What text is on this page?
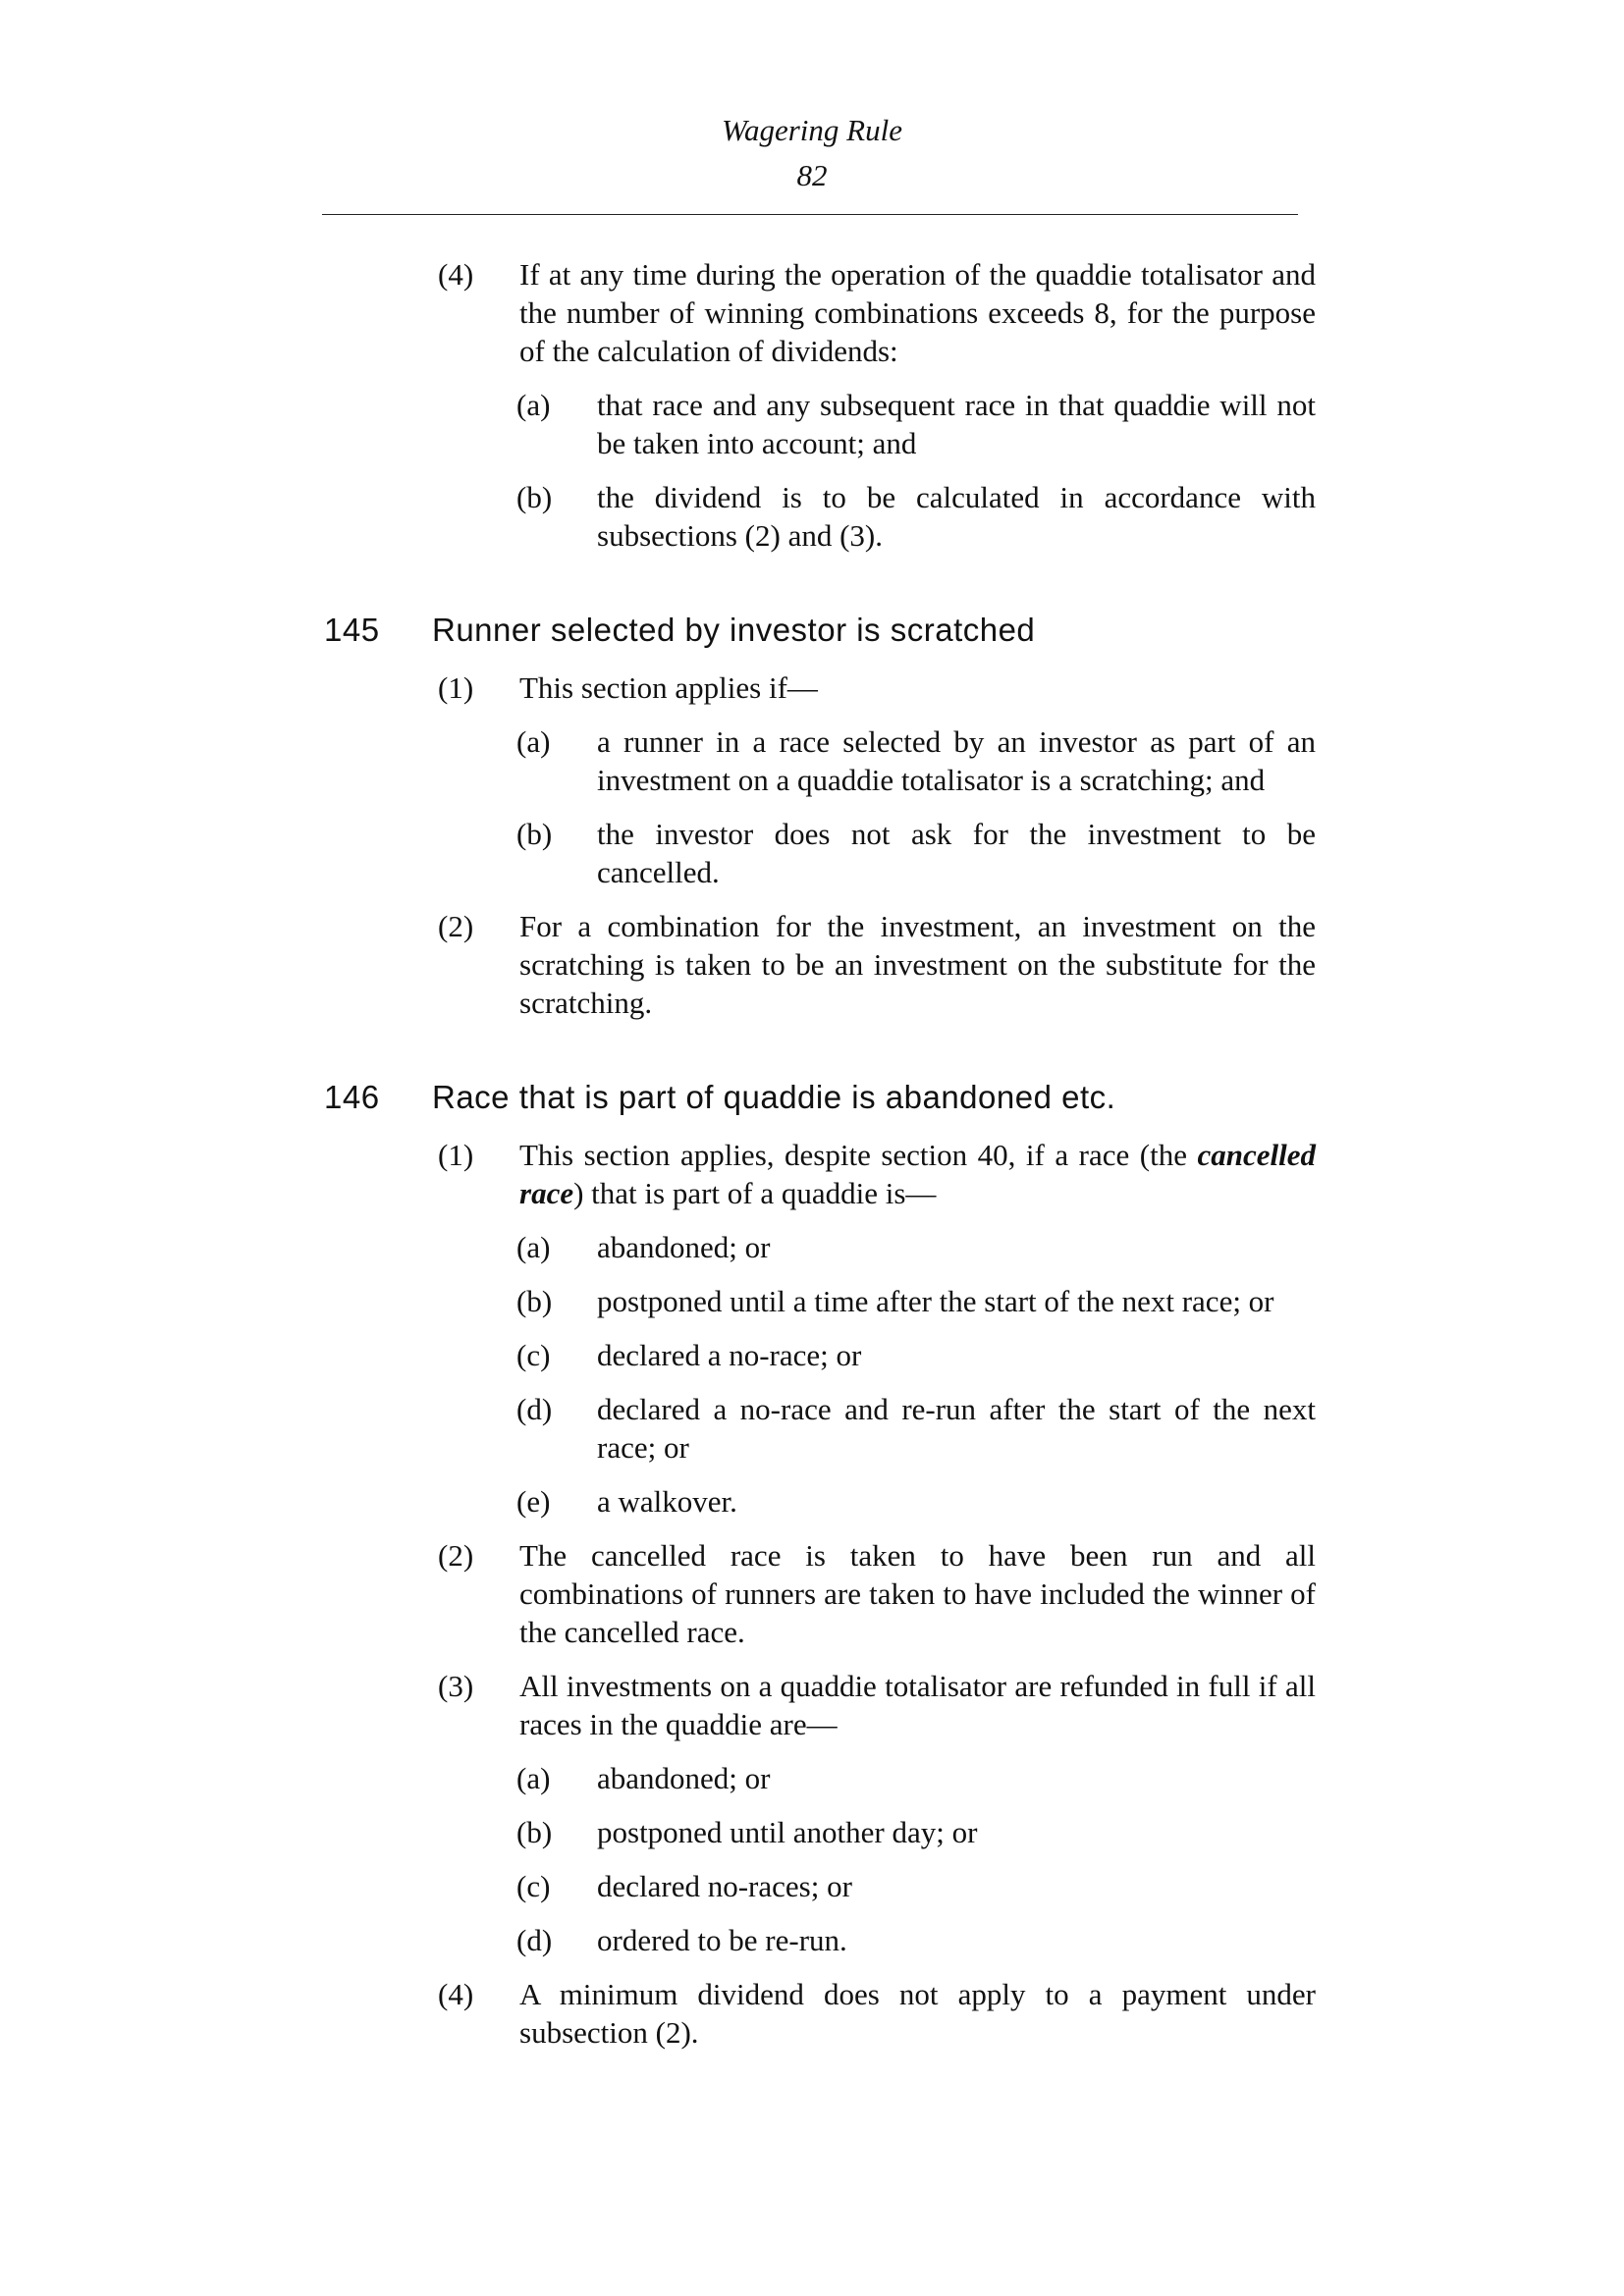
Wagering Rule
82
(4)	If at any time during the operation of the quaddie totalisator and the number of winning combinations exceeds 8, for the purpose of the calculation of dividends:
(a)	that race and any subsequent race in that quaddie will not be taken into account; and
(b)	the dividend is to be calculated in accordance with subsections (2) and (3).
145	Runner selected by investor is scratched
(1)	This section applies if—
(a)	a runner in a race selected by an investor as part of an investment on a quaddie totalisator is a scratching; and
(b)	the investor does not ask for the investment to be cancelled.
(2)	For a combination for the investment, an investment on the scratching is taken to be an investment on the substitute for the scratching.
146	Race that is part of quaddie is abandoned etc.
(1)	This section applies, despite section 40, if a race (the cancelled race) that is part of a quaddie is—
(a)	abandoned; or
(b)	postponed until a time after the start of the next race; or
(c)	declared a no-race; or
(d)	declared a no-race and re-run after the start of the next race; or
(e)	a walkover.
(2)	The cancelled race is taken to have been run and all combinations of runners are taken to have included the winner of the cancelled race.
(3)	All investments on a quaddie totalisator are refunded in full if all races in the quaddie are—
(a)	abandoned; or
(b)	postponed until another day; or
(c)	declared no-races; or
(d)	ordered to be re-run.
(4)	A minimum dividend does not apply to a payment under subsection (2).
